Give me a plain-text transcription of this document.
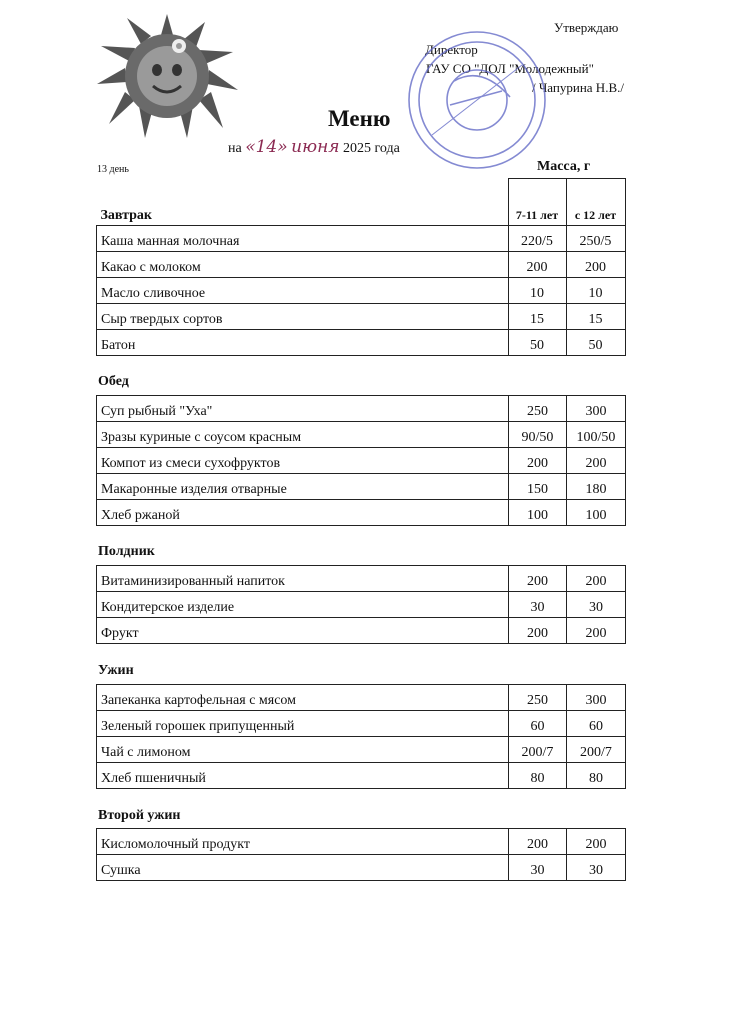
Утверждаю
Директор
ГАУ СО "ДОЛ "Молодежный"
/ Чапурина Н.В./
Меню
на «14» июня 2025 года
13 день	Масса, г
Завтрак	7-11 лет	с 12 лет
Каша манная молочная	220/5	250/5
Какао с молоком	200	200
Масло сливочное	10	10
Сыр твердых сортов	15	15
Батон	50	50
Обед
Суп рыбный "Уха"	250	300
Зразы куриные с соусом красным	90/50	100/50
Компот из смеси сухофруктов	200	200
Макаронные изделия отварные	150	180
Хлеб ржаной	100	100
Полдник
Витаминизированный напиток	200	200
Кондитерское изделие	30	30
Фрукт	200	200
Ужин
Запеканка картофельная с мясом	250	300
Зеленый горошек припущенный	60	60
Чай с лимоном	200/7	200/7
Хлеб пшеничный	80	80
Второй ужин
Кисломолочный продукт	200	200
Сушка	30	30
